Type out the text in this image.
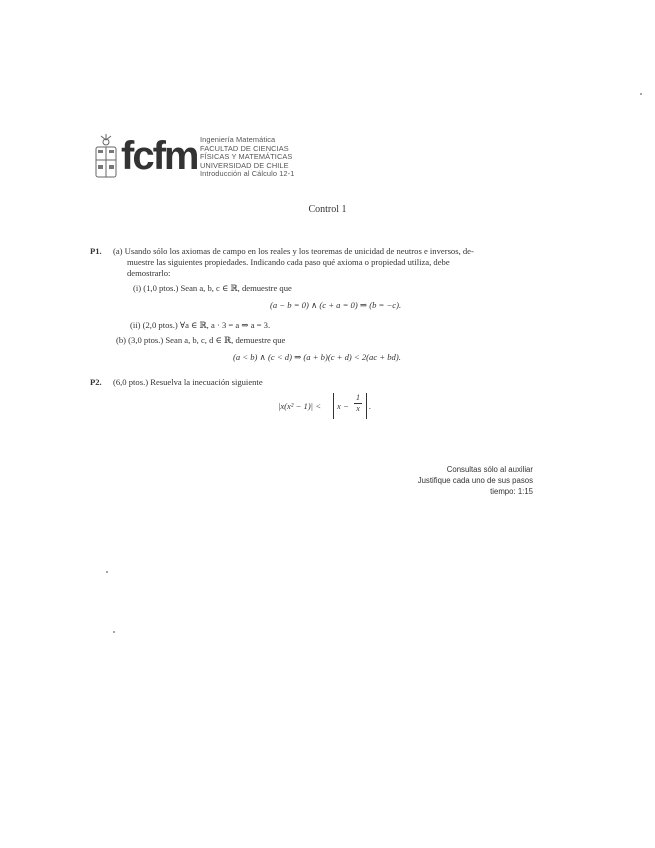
fcfm Ingeniería Matemática
FACULTAD DE CIENCIAS
FÍSICAS Y MATEMÁTICAS
UNIVERSIDAD DE CHILE
Introducción al Cálculo 12-1
Control 1
P1. (a) Usando sólo los axiomas de campo en los reales y los teoremas de unicidad de neutros e inversos, de-
muestre las siguientes propiedades. Indicando cada paso qué axioma o propiedad utiliza, debe
demostrarlo:
(i) (1,0 ptos.) Sean a, b, c ∈ ℝ, demuestre que
(a − b = 0) ∧ (c + a = 0) ⇒ (b = −c).
(ii) (2,0 ptos.) ∀a ∈ ℝ, a · 3 = a ⇒ a = 3.
(b) (3,0 ptos.) Sean a, b, c, d ∈ ℝ, demuestre que
(a < b) ∧ (c < d) ⇒ (a + b)(c + d) < 2(ac + bd).
P2. (6,0 ptos.) Resuelva la inecuación siguiente
|x(x² − 1)| < x −
1
x .
Consultas sólo al auxiliar
Justifique cada uno de sus pasos
tiempo: 1:15
